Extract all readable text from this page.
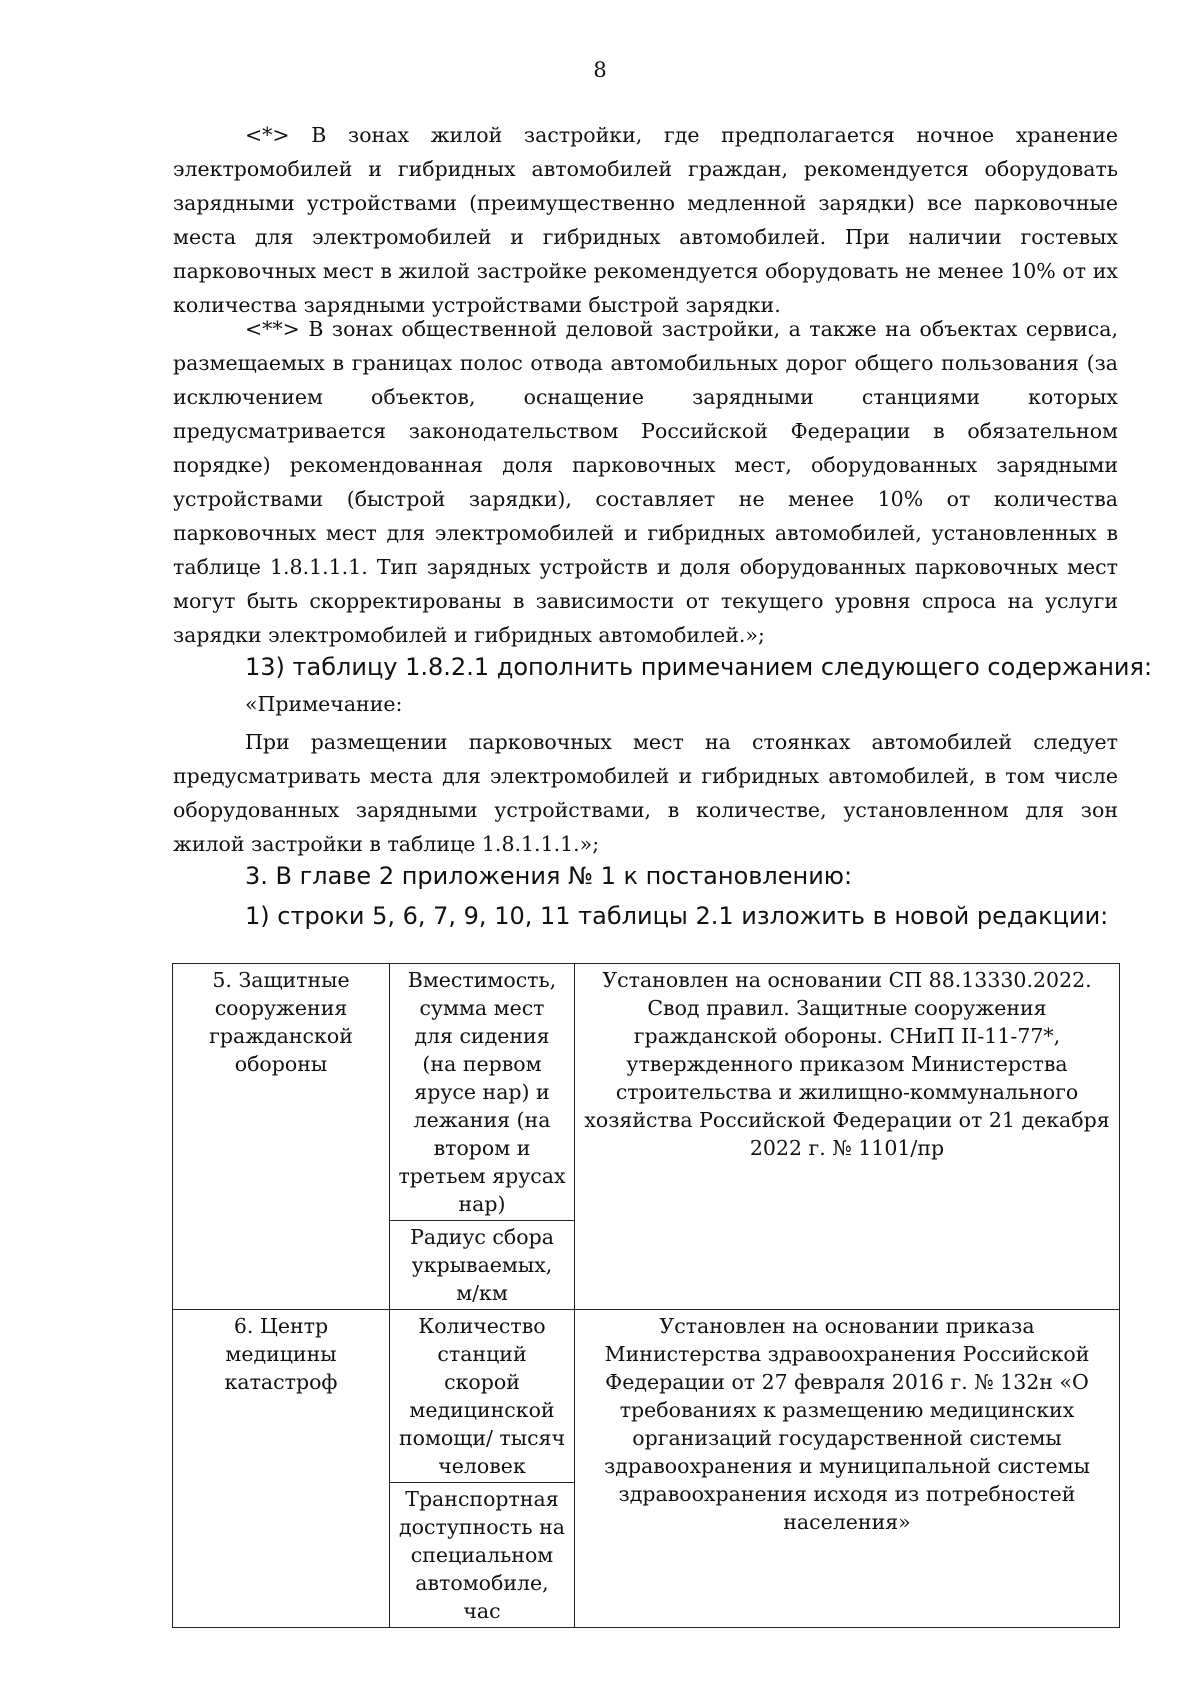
8

<*> В зонах жилой застройки, где предполагается ночное хранение электромобилей и гибридных автомобилей граждан, рекомендуется оборудовать зарядными устройствами (преимущественно медленной зарядки) все парковочные места для электромобилей и гибридных автомобилей. При наличии гостевых парковочных мест в жилой застройке рекомендуется оборудовать не менее 10% от их количества зарядными устройствами быстрой зарядки.

<**> В зонах общественной деловой застройки, а также на объектах сервиса, размещаемых в границах полос отвода автомобильных дорог общего пользования (за исключением объектов, оснащение зарядными станциями которых предусматривается законодательством Российской Федерации в обязательном порядке) рекомендованная доля парковочных мест, оборудованных зарядными устройствами (быстрой зарядки), составляет не менее 10% от количества парковочных мест для электромобилей и гибридных автомобилей, установленных в таблице 1.8.1.1.1. Тип зарядных устройств и доля оборудованных парковочных мест могут быть скорректированы в зависимости от текущего уровня спроса на услуги зарядки электромобилей и гибридных автомобилей.»;

13) таблицу 1.8.2.1 дополнить примечанием следующего содержания:
«Примечание:

При размещении парковочных мест на стоянках автомобилей следует предусматривать места для электромобилей и гибридных автомобилей, в том числе оборудованных зарядными устройствами, в количестве, установленном для зон жилой застройки в таблице 1.8.1.1.1.»;

3. В главе 2 приложения № 1 к постановлению:
1) строки 5, 6, 7, 9, 10, 11 таблицы 2.1 изложить в новой редакции:
5. Защитные сооружения гражданской обороны	Вместимость, сумма мест для сидения (на первом ярусе нар) и лежания (на втором и третьем ярусах нар)	Установлен на основании СП 88.13330.2022. Свод правил. Защитные сооружения гражданской обороны. СНиП II-11-77*, утвержденного приказом Министерства строительства и жилищно-коммунального хозяйства Российской Федерации от 21 декабря 2022 г. № 1101/пр
	Радиус сбора укрываемых, м/км	
6. Центр медицины катастроф	Количество станций скорой медицинской помощи/ тысяч человек	Установлен на основании приказа Министерства здравоохранения Российской Федерации от 27 февраля 2016 г. № 132н «О требованиях к размещению медицинских организаций государственной системы здравоохранения и муниципальной системы здравоохранения исходя из потребностей населения»
	Транспортная доступность на специальном автомобиле, час	
